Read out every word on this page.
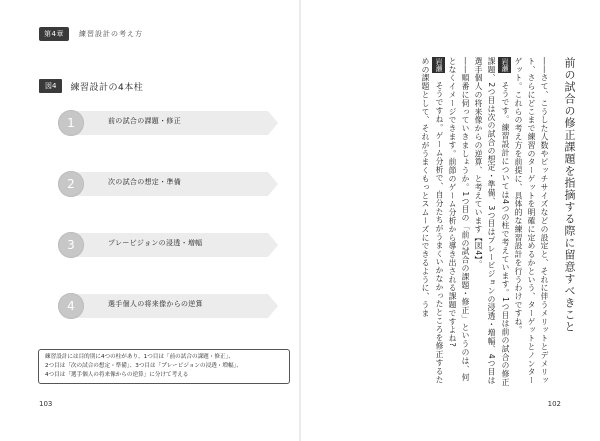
第4章	練習設計の考え方
図4	練習設計の4本柱
1	前の試合の課題・修正
2	次の試合の想定・準備
3	プレービジョンの浸透・増幅
4	選手個人の将来像からの逆算
練習設計には目的別に4つの柱があり、1つ目は「前の試合の課題・修正」、
2つ目は「次の試合の想定・準備」、3つ目は「プレービジョンの浸透・増幅」、
4つ目は「選手個人の将来像からの逆算」に分けて考える
103
前の試合の修正課題を指摘する際に留意すべきこと

――さて、こうした人数やピッチサイズなどの設定と、それに伴うメリットとデメリット、さらにどこまで練習のターゲットを明確に定めるかという、ターゲットとノンターゲット。これらの考え方を前提に、具体的な練習設計を行うわけですね。

岩瀬　そうです。練習設計については4つの柱で考えています。1つ目は前の試合の修正課題、2つ目は次の試合の想定・準備、3つ目はプレービジョンの浸透・増幅、4つ目は選手個人の将来像からの逆算、と考えています【図4】。

――順番に伺っていきましょうか。1つ目の「前の試合の課題・修正」というのは、何となくイメージできます。前節のゲーム分析から導き出される課題ですよね?

岩瀬　そうですね。ゲーム分析で、自分たちがうまくいかなかったところを修正するための課題として、それがうまくもっとスムーズにできるように、うま

102
